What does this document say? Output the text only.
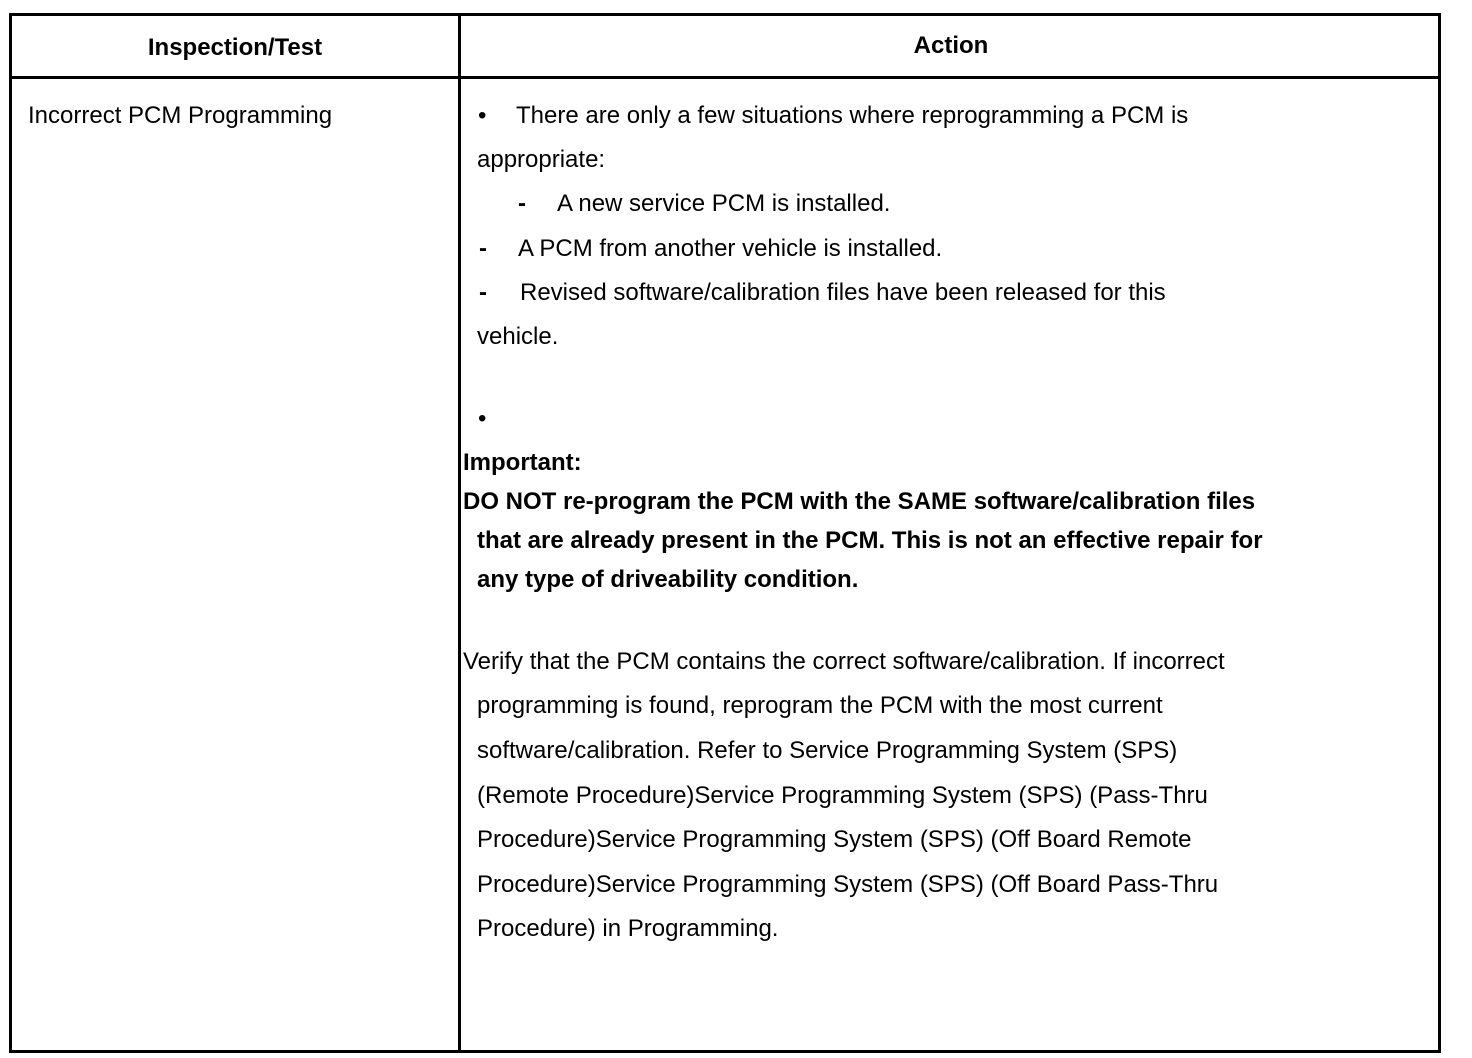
Inspection/Test	Action
Incorrect PCM Programming	• There are only a few situations where reprogramming a PCM is
appropriate:
- A new service PCM is installed.
- A PCM from another vehicle is installed.
- Revised software/calibration files have been released for this
vehicle.
•
Important:
DO NOT re-program the PCM with the SAME software/calibration files
that are already present in the PCM. This is not an effective repair for
any type of driveability condition.
Verify that the PCM contains the correct software/calibration. If incorrect
programming is found, reprogram the PCM with the most current
software/calibration. Refer to Service Programming System (SPS)
(Remote Procedure)Service Programming System (SPS) (Pass-Thru
Procedure)Service Programming System (SPS) (Off Board Remote
Procedure)Service Programming System (SPS) (Off Board Pass-Thru
Procedure) in Programming.
